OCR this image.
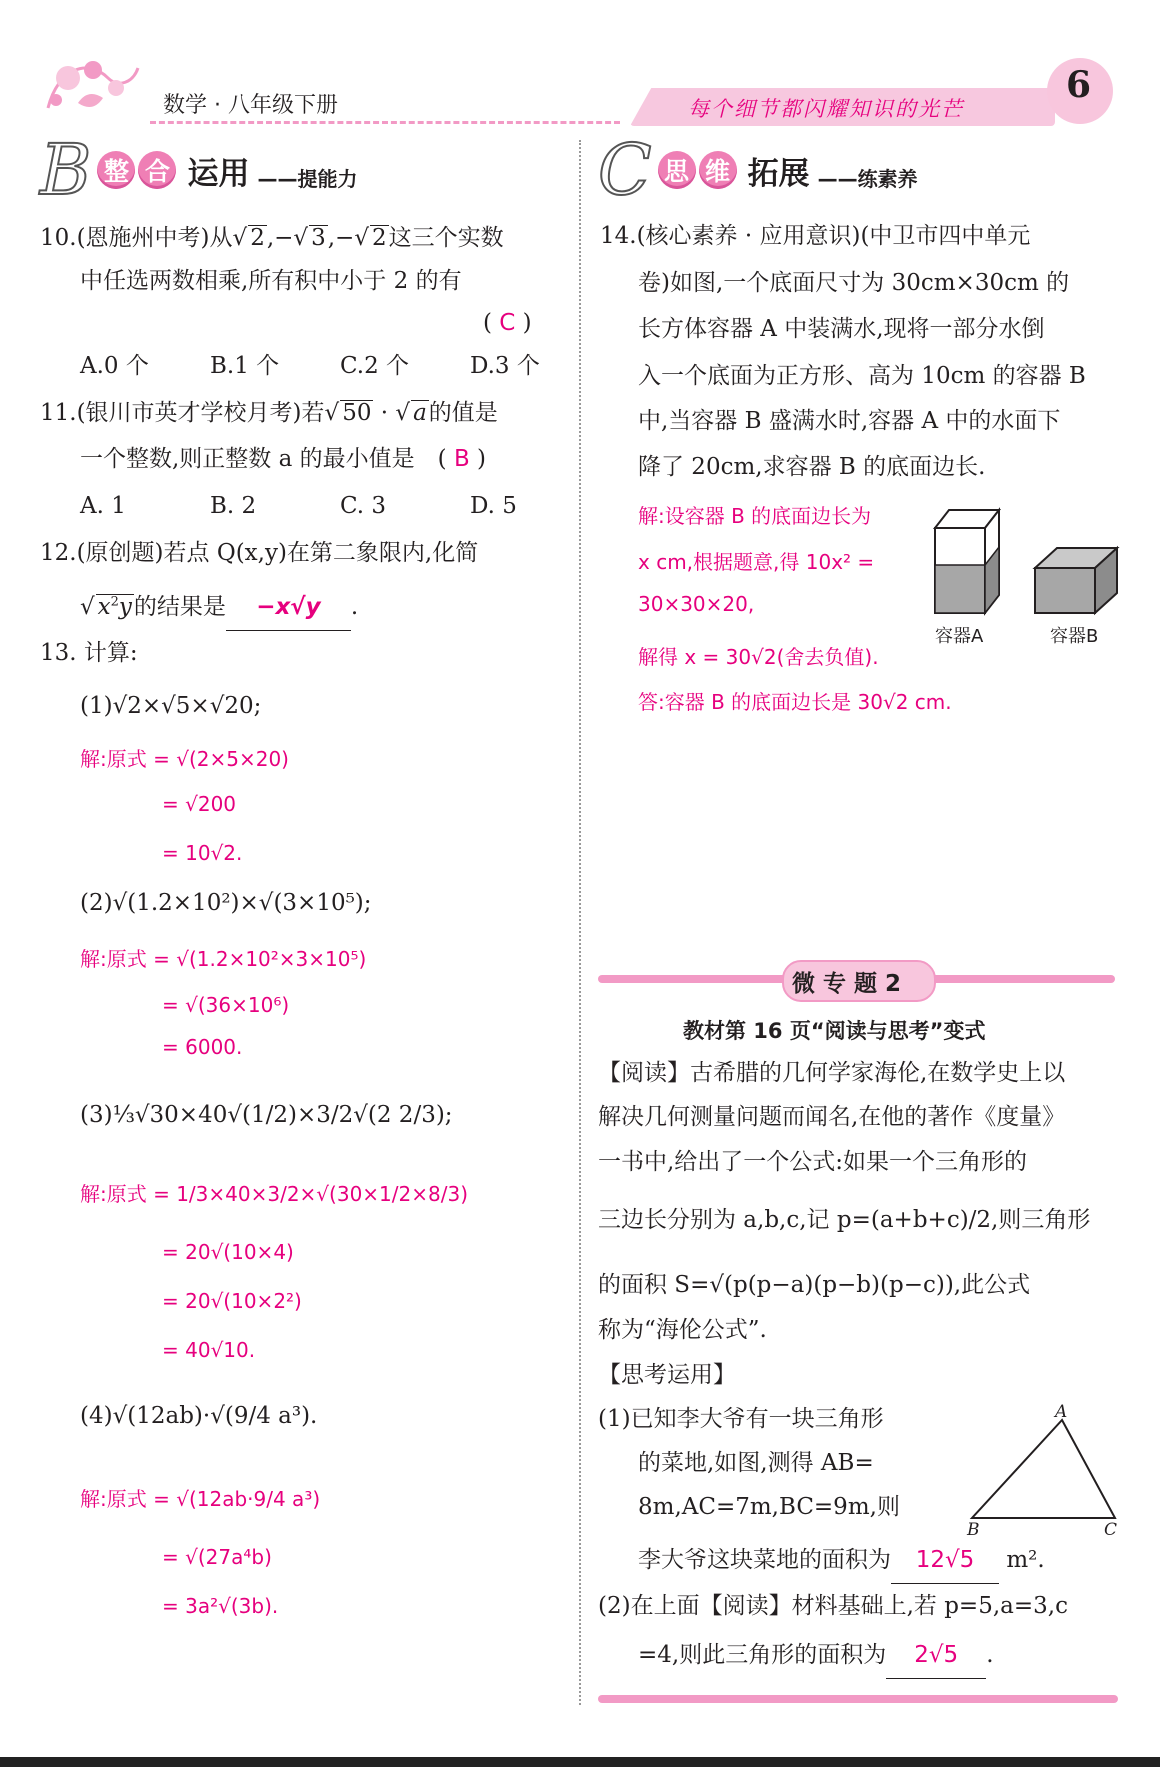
数学 · 八年级下册	每个细节都闪耀知识的光芒
6
B 整 合 运用 ——提能力
10.(恩施州中考)从√ 2,−√ 3,−√ 2这三个实数
中任选两数相乘,所有积中小于 2 的有
( C )
A.0 个	B.1 个	C.2 个	D.3 个
11.(银川市英才学校月考)若√ 50 · √ a的值是
一个整数,则正整数 a 的最小值是　( B )
A. 1	B. 2	C. 3	D. 5
12.(原创题)若点 Q(x,y)在第二象限内,化简
√ $x^2y$的结果是 −x√y .
13. 计算:
(1)√2×√5×√20;
解:原式 = √(2×5×20)
= √200
= 10√2.
(2)√(1.2×10²)×√(3×10⁵);
解:原式 = √(1.2×10²×3×10⁵)
= √(36×10⁶)
= 6000.
(3)⅓√30×40√(1/2)×3/2√(2 2/3);
解:原式 = 1/3×40×3/2×√(30×1/2×8/3)
= 20√(10×4)
= 20√(10×2²)
= 40√10.
(4)√(12ab)·√(9/4 a³).
解:原式 = √(12ab·9/4 a³)
= √(27a⁴b)
= 3a²√(3b).
C 思 维 拓展 ——练素养
14.(核心素养 · 应用意识)(中卫市四中单元
卷)如图,一个底面尺寸为 30cm×30cm 的
长方体容器 A 中装满水,现将一部分水倒
入一个底面为正方形、高为 10cm 的容器 B
中,当容器 B 盛满水时,容器 A 中的水面下
降了 20cm,求容器 B 的底面边长.
解:设容器 B 的底面边长为
x cm,根据题意,得 10x² =
30×30×20,
解得 x = 30√2(舍去负值).
答:容器 B 的底面边长是 30√2 cm.
容器A	容器B
微 专 题 2
教材第 16 页“阅读与思考”变式
【阅读】古希腊的几何学家海伦,在数学史上以
解决几何测量问题而闻名,在他的著作《度量》
一书中,给出了一个公式:如果一个三角形的
三边长分别为 a,b,c,记 p=(a+b+c)/2,则三角形
的面积 S=√(p(p−a)(p−b)(p−c)),此公式
称为“海伦公式”.
【思考运用】
(1)已知李大爷有一块三角形
的菜地,如图,测得 AB=
8m,AC=7m,BC=9m,则
李大爷这块菜地的面积为 12√5 m².
A
B	C
(2)在上面【阅读】材料基础上,若 p=5,a=3,c
=4,则此三角形的面积为 2√5 .
